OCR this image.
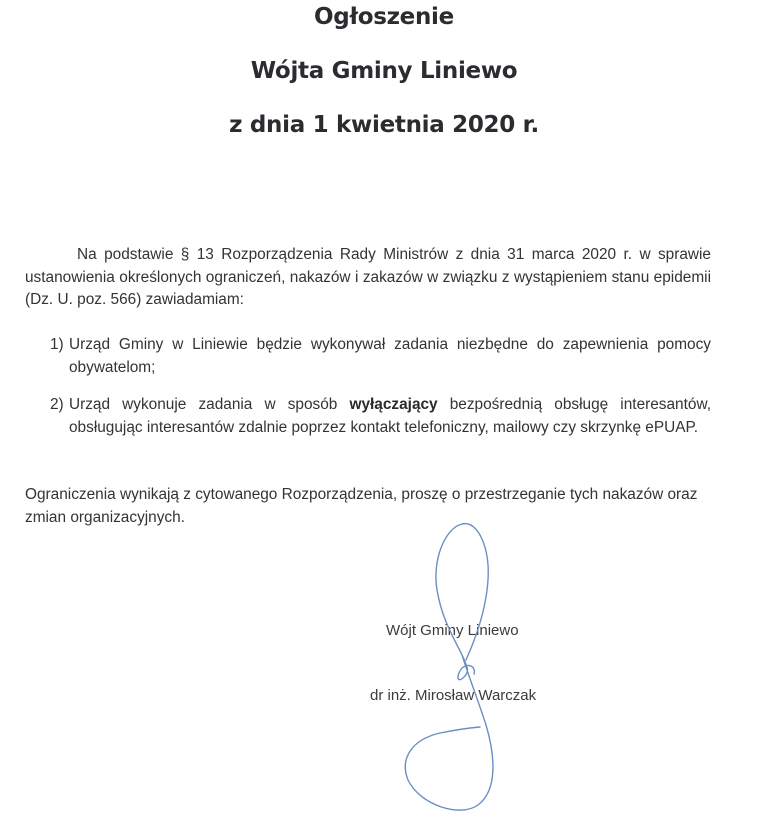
Ogłoszenie
Wójta Gminy Liniewo
z dnia 1 kwietnia 2020 r.
Na podstawie § 13 Rozporządzenia Rady Ministrów z dnia 31 marca 2020 r. w sprawie ustanowienia określonych ograniczeń, nakazów i zakazów w związku z wystąpieniem stanu epidemii (Dz. U. poz. 566) zawiadamiam:
1) Urząd Gminy w Liniewie będzie wykonywał zadania niezbędne do zapewnienia pomocy obywatelom;
2) Urząd wykonuje zadania w sposób wyłączający bezpośrednią obsługę interesantów, obsługując interesantów zdalnie poprzez kontakt telefoniczny, mailowy czy skrzynkę ePUAP.
Ograniczenia wynikają z cytowanego Rozporządzenia, proszę o przestrzeganie tych nakazów oraz zmian organizacyjnych.
Wójt Gminy Liniewo
dr inż. Mirosław Warczak
